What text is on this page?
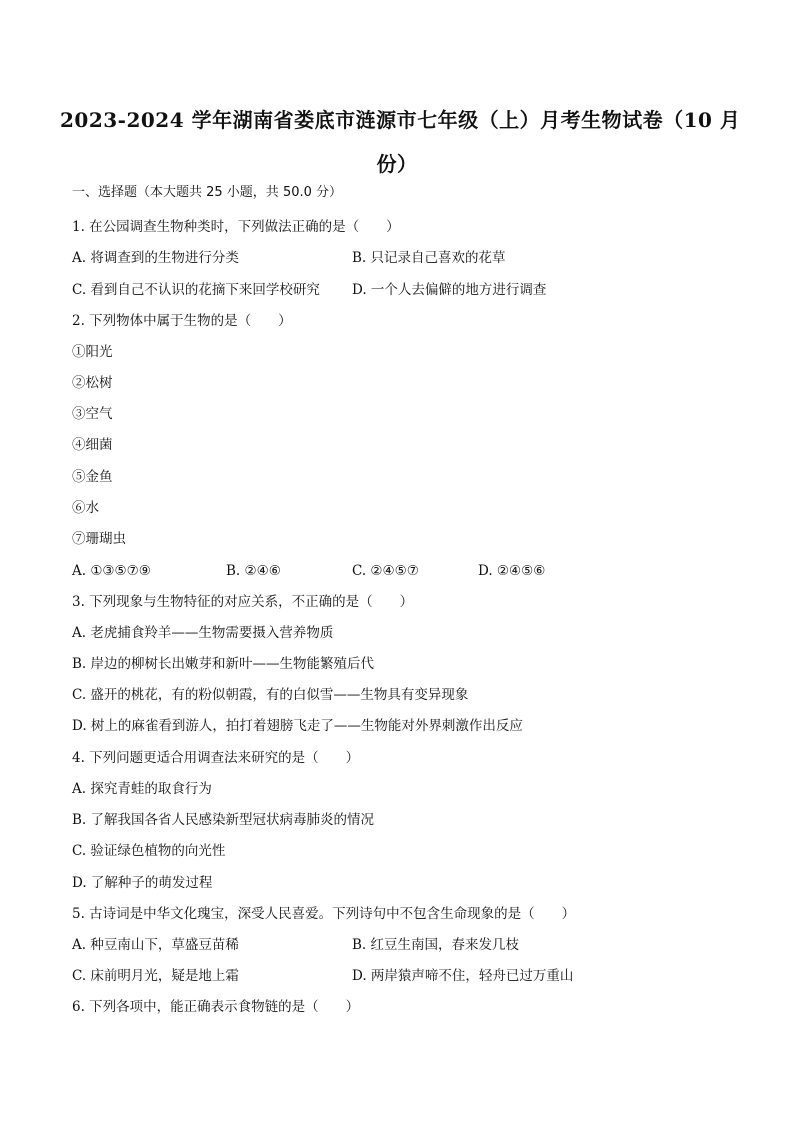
2023-2024 学年湖南省娄底市涟源市七年级（上）月考生物试卷（10 月
份）
一、选择题（本大题共 25 小题，共 50.0 分）
1. 在公园调查生物种类时，下列做法正确的是（　　）
A. 将调查到的生物进行分类	B. 只记录自己喜欢的花草
C. 看到自己不认识的花摘下来回学校研究 D. 一个人去偏僻的地方进行调查
2. 下列物体中属于生物的是（　　）
①阳光
②松树
③空气
④细菌
⑤金鱼
⑥水
⑦珊瑚虫
A. ①③⑤⑦⑨	B. ②④⑥	C. ②④⑤⑦	D. ②④⑤⑥
3. 下列现象与生物特征的对应关系，不正确的是（　　）
A. 老虎捕食羚羊——生物需要摄入营养物质
B. 岸边的柳树长出嫩芽和新叶——生物能繁殖后代
C. 盛开的桃花，有的粉似朝霞，有的白似雪——生物具有变异现象
D. 树上的麻雀看到游人，拍打着翅膀飞走了——生物能对外界刺激作出反应
4. 下列问题更适合用调查法来研究的是（　　）
A. 探究青蛙的取食行为
B. 了解我国各省人民感染新型冠状病毒肺炎的情况
C. 验证绿色植物的向光性
D. 了解种子的萌发过程
5. 古诗词是中华文化瑰宝，深受人民喜爱。下列诗句中不包含生命现象的是（　　）
A. 种豆南山下，草盛豆苗稀	B. 红豆生南国，春来发几枝
C. 床前明月光，疑是地上霜	D. 两岸猿声啼不住，轻舟已过万重山
6. 下列各项中，能正确表示食物链的是（　　）
